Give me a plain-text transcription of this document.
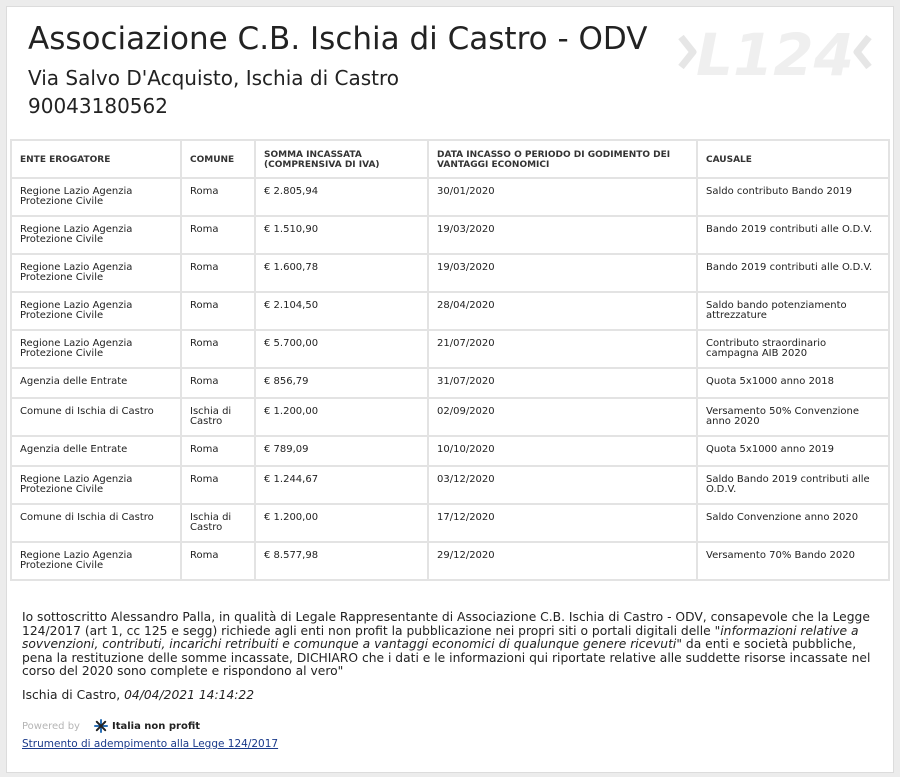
L124
Associazione C.B. Ischia di Castro - ODV
Via Salvo D'Acquisto, Ischia di Castro
90043180562
ENTE EROGATORE	COMUNE	SOMMA INCASSATA (COMPRENSIVA DI IVA)	DATA INCASSO O PERIODO DI GODIMENTO DEI VANTAGGI ECONOMICI	CAUSALE
Regione Lazio Agenzia Protezione Civile	Roma	€ 2.805,94	30/01/2020	Saldo contributo Bando 2019
Regione Lazio Agenzia Protezione Civile	Roma	€ 1.510,90	19/03/2020	Bando 2019 contributi alle O.D.V.
Regione Lazio Agenzia Protezione Civile	Roma	€ 1.600,78	19/03/2020	Bando 2019 contributi alle O.D.V.
Regione Lazio Agenzia Protezione Civile	Roma	€ 2.104,50	28/04/2020	Saldo bando potenziamento attrezzature
Regione Lazio Agenzia Protezione Civile	Roma	€ 5.700,00	21/07/2020	Contributo straordinario campagna AIB 2020
Agenzia delle Entrate	Roma	€ 856,79	31/07/2020	Quota 5x1000 anno 2018
Comune di Ischia di Castro	Ischia di Castro	€ 1.200,00	02/09/2020	Versamento 50% Convenzione anno 2020
Agenzia delle Entrate	Roma	€ 789,09	10/10/2020	Quota 5x1000 anno 2019
Regione Lazio Agenzia Protezione Civile	Roma	€ 1.244,67	03/12/2020	Saldo Bando 2019 contributi alle O.D.V.
Comune di Ischia di Castro	Ischia di Castro	€ 1.200,00	17/12/2020	Saldo Convenzione anno 2020
Regione Lazio Agenzia Protezione Civile	Roma	€ 8.577,98	29/12/2020	Versamento 70% Bando 2020
Io sottoscritto Alessandro Palla, in qualità di Legale Rappresentante di Associazione C.B. Ischia di Castro - ODV, consapevole che la Legge 124/2017 (art 1, cc 125 e segg) richiede agli enti non profit la pubblicazione nei propri siti o portali digitali delle "informazioni relative a sovvenzioni, contributi, incarichi retribuiti e comunque a vantaggi economici di qualunque genere ricevuti" da enti e società pubbliche, pena la restituzione delle somme incassate, DICHIARO che i dati e le informazioni qui riportate relative alle suddette risorse incassate nel corso del 2020 sono complete e rispondono al vero"
Ischia di Castro, 04/04/2021 14:14:22
Powered by	Italia non profit
Strumento di adempimento alla Legge 124/2017
